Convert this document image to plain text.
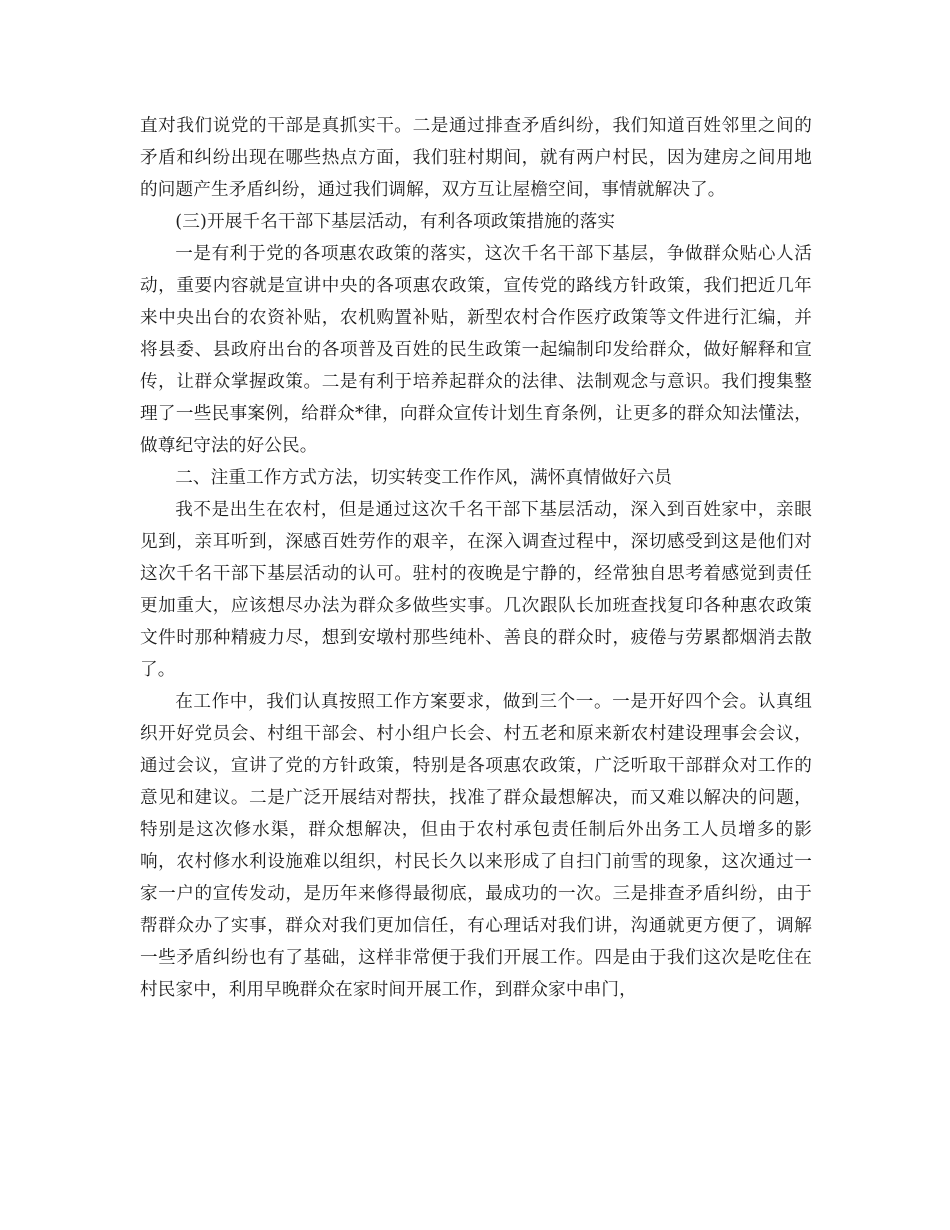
直对我们说党的干部是真抓实干。二是通过排查矛盾纠纷，我们知道百姓邻里之间的矛盾和纠纷出现在哪些热点方面，我们驻村期间，就有两户村民，因为建房之间用地的问题产生矛盾纠纷，通过我们调解，双方互让屋檐空间，事情就解决了。

(三)开展千名干部下基层活动，有利各项政策措施的落实

一是有利于党的各项惠农政策的落实，这次千名干部下基层，争做群众贴心人活动，重要内容就是宣讲中央的各项惠农政策，宣传党的路线方针政策，我们把近几年来中央出台的农资补贴，农机购置补贴，新型农村合作医疗政策等文件进行汇编，并将县委、县政府出台的各项普及百姓的民生政策一起编制印发给群众，做好解释和宣传，让群众掌握政策。二是有利于培养起群众的法律、法制观念与意识。我们搜集整理了一些民事案例，给群众*律，向群众宣传计划生育条例，让更多的群众知法懂法，做尊纪守法的好公民。

二、注重工作方式方法，切实转变工作作风，满怀真情做好六员

我不是出生在农村，但是通过这次千名干部下基层活动，深入到百姓家中，亲眼见到，亲耳听到，深感百姓劳作的艰辛，在深入调查过程中，深切感受到这是他们对这次千名干部下基层活动的认可。驻村的夜晚是宁静的，经常独自思考着感觉到责任更加重大，应该想尽办法为群众多做些实事。几次跟队长加班查找复印各种惠农政策文件时那种精疲力尽，想到安墩村那些纯朴、善良的群众时，疲倦与劳累都烟消去散了。

在工作中，我们认真按照工作方案要求，做到三个一。一是开好四个会。认真组织开好党员会、村组干部会、村小组户长会、村五老和原来新农村建设理事会会议，通过会议，宣讲了党的方针政策，特别是各项惠农政策，广泛听取干部群众对工作的意见和建议。二是广泛开展结对帮扶，找准了群众最想解决，而又难以解决的问题，特别是这次修水渠，群众想解决，但由于农村承包责任制后外出务工人员增多的影响，农村修水利设施难以组织，村民长久以来形成了自扫门前雪的现象，这次通过一家一户的宣传发动，是历年来修得最彻底，最成功的一次。三是排查矛盾纠纷，由于帮群众办了实事，群众对我们更加信任，有心理话对我们讲，沟通就更方便了，调解一些矛盾纠纷也有了基础，这样非常便于我们开展工作。四是由于我们这次是吃住在村民家中，利用早晚群众在家时间开展工作，到群众家中串门，
